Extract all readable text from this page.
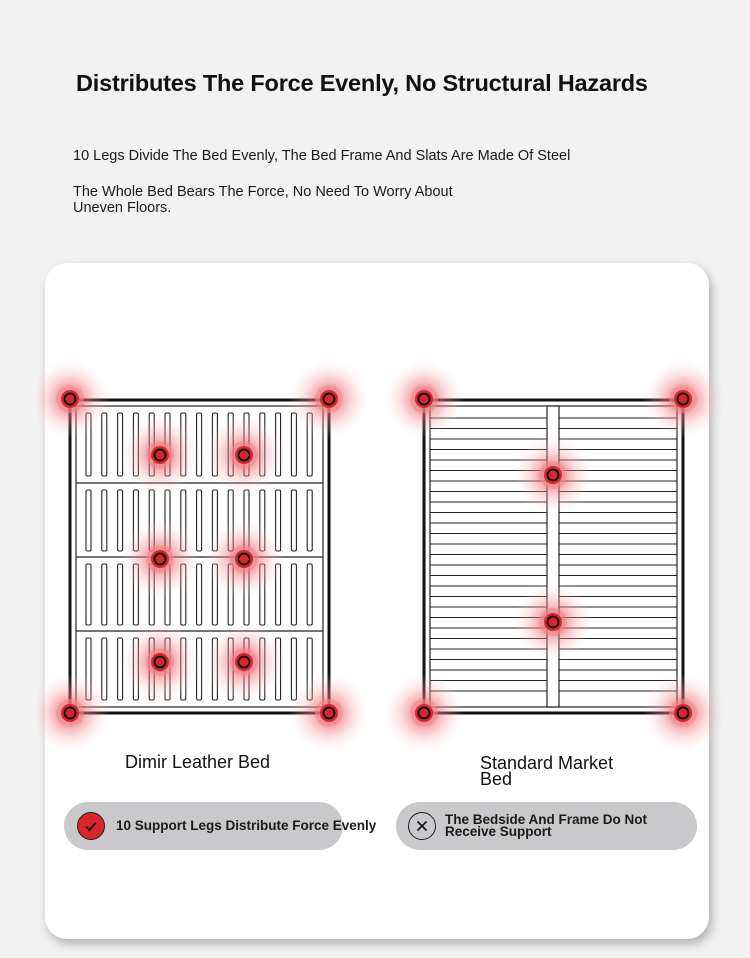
Distributes The Force Evenly, No Structural Hazards

10 Legs Divide The Bed Evenly, The Bed Frame And Slats Are Made Of Steel

The Whole Bed Bears The Force, No Need To Worry About Uneven Floors.

Dimir Leather Bed	Standard Market Bed
10 Support Legs Distribute Force Evenly	The Bedside And Frame Do Not Receive Support
